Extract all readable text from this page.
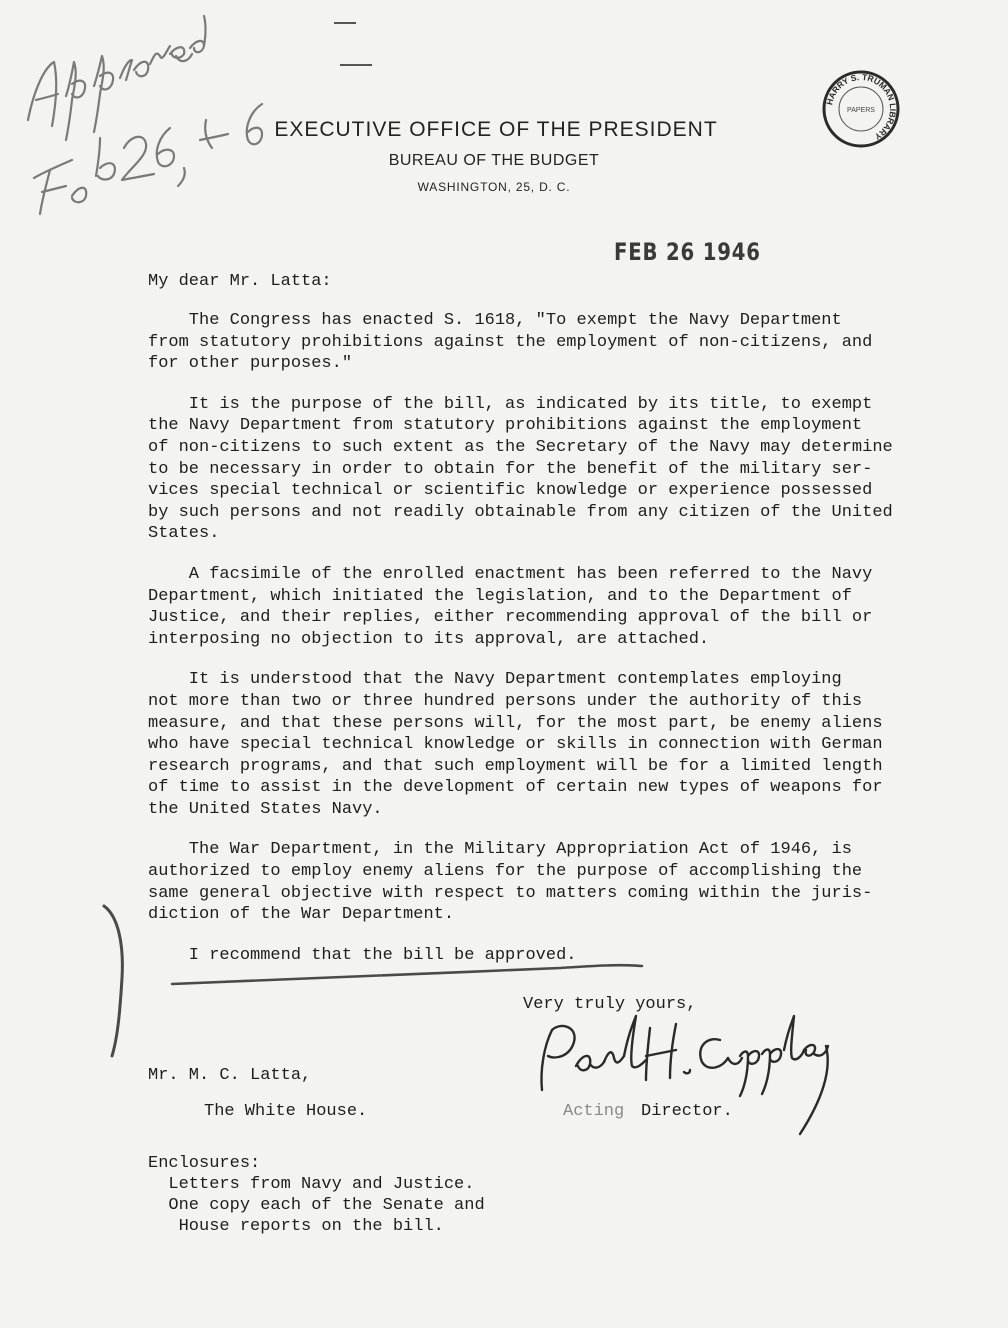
HARRY S. TRUMAN LIBRARY
PAPERS
EXECUTIVE OFFICE OF THE PRESIDENT
BUREAU OF THE BUDGET
WASHINGTON, 25, D. C.
FEB 26 1946
My dear Mr. Latta:

The Congress has enacted S. 1618, "To exempt the Navy Department
from statutory prohibitions against the employment of non-citizens, and
for other purposes."

It is the purpose of the bill, as indicated by its title, to exempt
the Navy Department from statutory prohibitions against the employment
of non-citizens to such extent as the Secretary of the Navy may determine
to be necessary in order to obtain for the benefit of the military ser-
vices special technical or scientific knowledge or experience possessed
by such persons and not readily obtainable from any citizen of the United
States.

A facsimile of the enrolled enactment has been referred to the Navy
Department, which initiated the legislation, and to the Department of
Justice, and their replies, either recommending approval of the bill or
interposing no objection to its approval, are attached.

It is understood that the Navy Department contemplates employing
not more than two or three hundred persons under the authority of this
measure, and that these persons will, for the most part, be enemy aliens
who have special technical knowledge or skills in connection with German
research programs, and that such employment will be for a limited length
of time to assist in the development of certain new types of weapons for
the United States Navy.

The War Department, in the Military Appropriation Act of 1946, is
authorized to employ enemy aliens for the purpose of accomplishing the
same general objective with respect to matters coming within the juris-
diction of the War Department.

I recommend that the bill be approved.

Very truly yours,
Mr. M. C. Latta,
The White House.	Acting Director.
Enclosures:
Letters from Navy and Justice.
One copy each of the Senate and
House reports on the bill.
